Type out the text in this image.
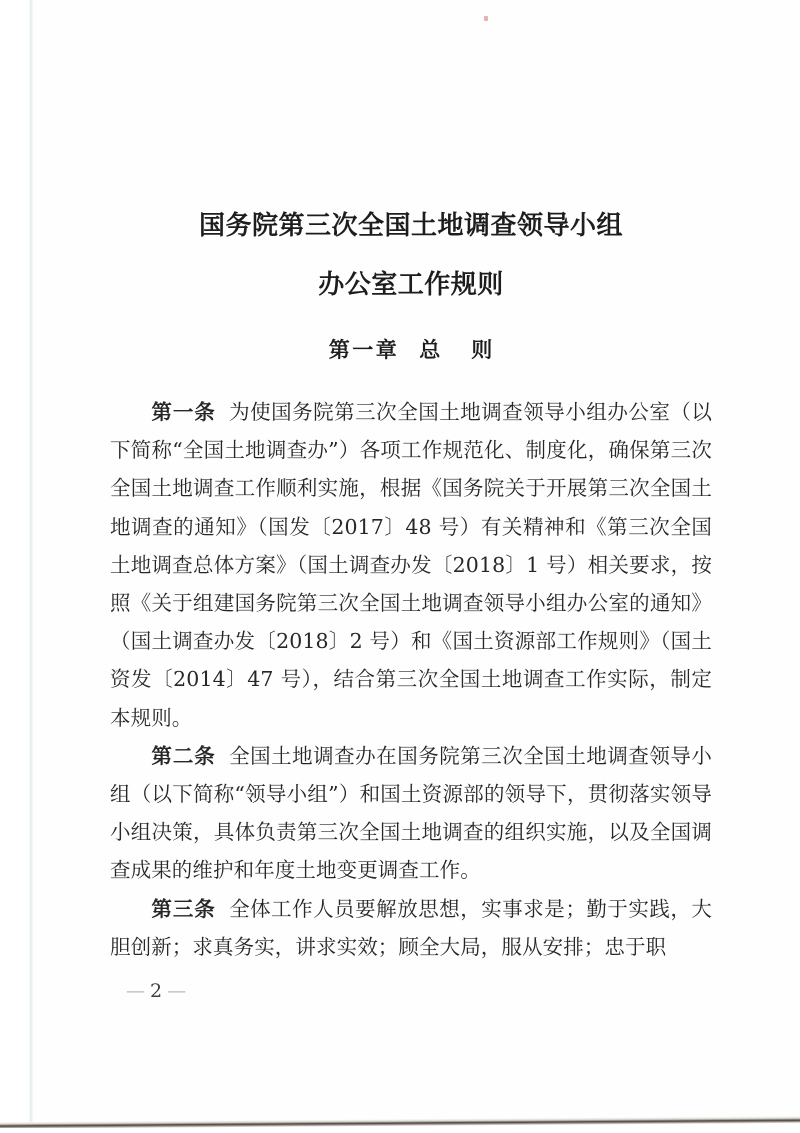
国务院第三次全国土地调查领导小组
办公室工作规则
第一章 总 则

第一条 为使国务院第三次全国土地调查领导小组办公室（以下简称“全国土地调查办”）各项工作规范化、制度化，确保第三次全国土地调查工作顺利实施，根据《国务院关于开展第三次全国土地调查的通知》（国发〔2017〕48 号）有关精神和《第三次全国土地调查总体方案》（国土调查办发〔2018〕1 号）相关要求，按照《关于组建国务院第三次全国土地调查领导小组办公室的通知》（国土调查办发〔2018〕2 号）和《国土资源部工作规则》（国土资发〔2014〕47 号），结合第三次全国土地调查工作实际，制定本规则。

第二条 全国土地调查办在国务院第三次全国土地调查领导小组（以下简称“领导小组”）和国土资源部的领导下，贯彻落实领导小组决策，具体负责第三次全国土地调查的组织实施，以及全国调查成果的维护和年度土地变更调查工作。

第三条 全体工作人员要解放思想，实事求是；勤于实践，大胆创新；求真务实，讲求实效；顾全大局，服从安排；忠于职

— 2 —
